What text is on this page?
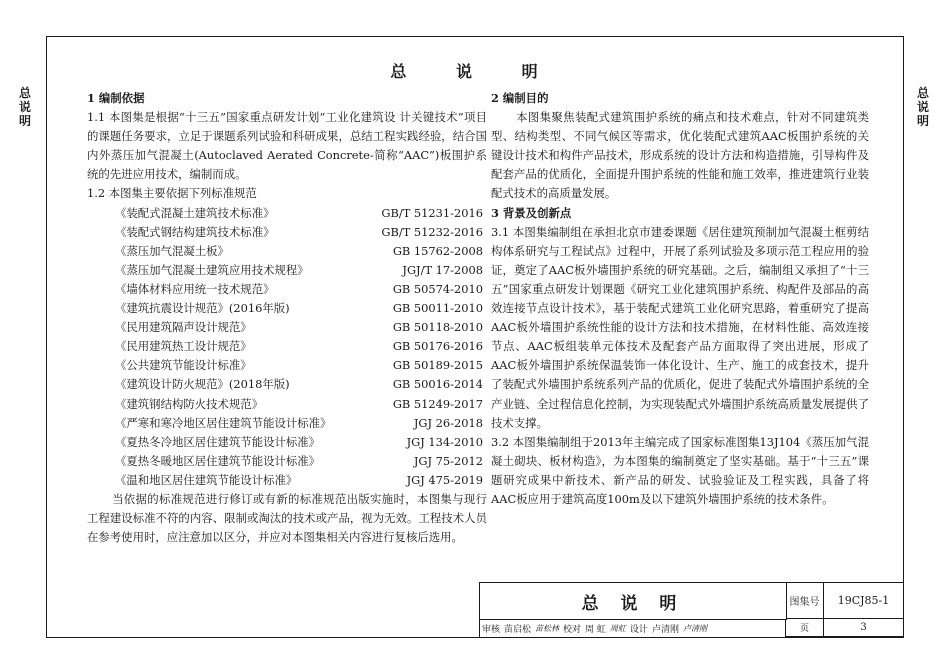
总
说
明
总
说
明
总 说 明
1 编制依据

1.1 本图集是根据“十三五”国家重点研发计划“工业化建筑设 计关键技术”项目的课题任务要求，立足于课题系列试验和科研成果，总结工程实践经验，结合国内外蒸压加气混凝土(Autoclaved Aerated Concrete-简称“AAC”)板围护系统的先进应用技术，编制而成。

1.2 本图集主要依据下列标准规范

《装配式混凝土建筑技术标准》	GB/T 51231-2016
《装配式钢结构建筑技术标准》	GB/T 51232-2016
《蒸压加气混凝土板》	GB 15762-2008
《蒸压加气混凝土建筑应用技术规程》	JGJ/T 17-2008
《墙体材料应用统一技术规范》	GB 50574-2010
《建筑抗震设计规范》(2016年版)	GB 50011-2010
《民用建筑隔声设计规范》	GB 50118-2010
《民用建筑热工设计规范》	GB 50176-2016
《公共建筑节能设计标准》	GB 50189-2015
《建筑设计防火规范》(2018年版)	GB 50016-2014
《建筑钢结构防火技术规范》	GB 51249-2017
《严寒和寒冷地区居住建筑节能设计标准》	JGJ 26-2018
《夏热冬冷地区居住建筑节能设计标准》	JGJ 134-2010
《夏热冬暖地区居住建筑节能设计标准》	JGJ 75-2012
《温和地区居住建筑节能设计标准》	JGJ 475-2019

当依据的标准规范进行修订或有新的标准规范出版实施时，本图集与现行工程建设标准不符的内容、限制或淘汰的技术或产品，视为无效。工程技术人员在参考使用时，应注意加以区分，并应对本图集相关内容进行复核后选用。

2 编制目的

本图集聚焦装配式建筑围护系统的痛点和技术难点，针对不同建筑类型、结构类型、不同气候区等需求，优化装配式建筑AAC板围护系统的关键设计技术和构件产品技术，形成系统的设计方法和构造措施，引导构件及配套产品的优质化，全面提升围护系统的性能和施工效率，推进建筑行业装配式技术的高质量发展。

3 背景及创新点

3.1 本图集编制组在承担北京市建委课题《居住建筑预制加气混凝土框剪结构体系研究与工程试点》过程中，开展了系列试验及多项示范工程应用的验证，奠定了AAC板外墙围护系统的研究基础。之后，编制组又承担了“十三五”国家重点研发计划课题《研究工业化建筑围护系统、构配件及部品的高效连接节点设计技术》，基于装配式建筑工业化研究思路，着重研究了提高AAC板外墙围护系统性能的设计方法和技术措施，在材料性能、高效连接节点、AAC板组装单元体技术及配套产品方面取得了突出进展，形成了AAC板外墙围护系统保温装饰一体化设计、生产、施工的成套技术，提升了装配式外墙围护系统系列产品的优质化，促进了装配式外墙围护系统的全产业链、全过程信息化控制，为实现装配式外墙围护系统高质量发展提供了技术支撑。

3.2 本图集编制组于2013年主编完成了国家标准图集13J104《蒸压加气混凝土砌块、板材构造》，为本图集的编制奠定了坚实基础。基于“十三五”课题研究成果中新技术、新产品的研发、试验验证及工程实践，具备了将AAC板应用于建筑高度100m及以下建筑外墙围护系统的技术条件。

总 说 明	图集号	19CJ85-1
审核 苗启松 苗松林 校对 周 虹 周虹 设计 卢清刚 卢清刚	页	3
